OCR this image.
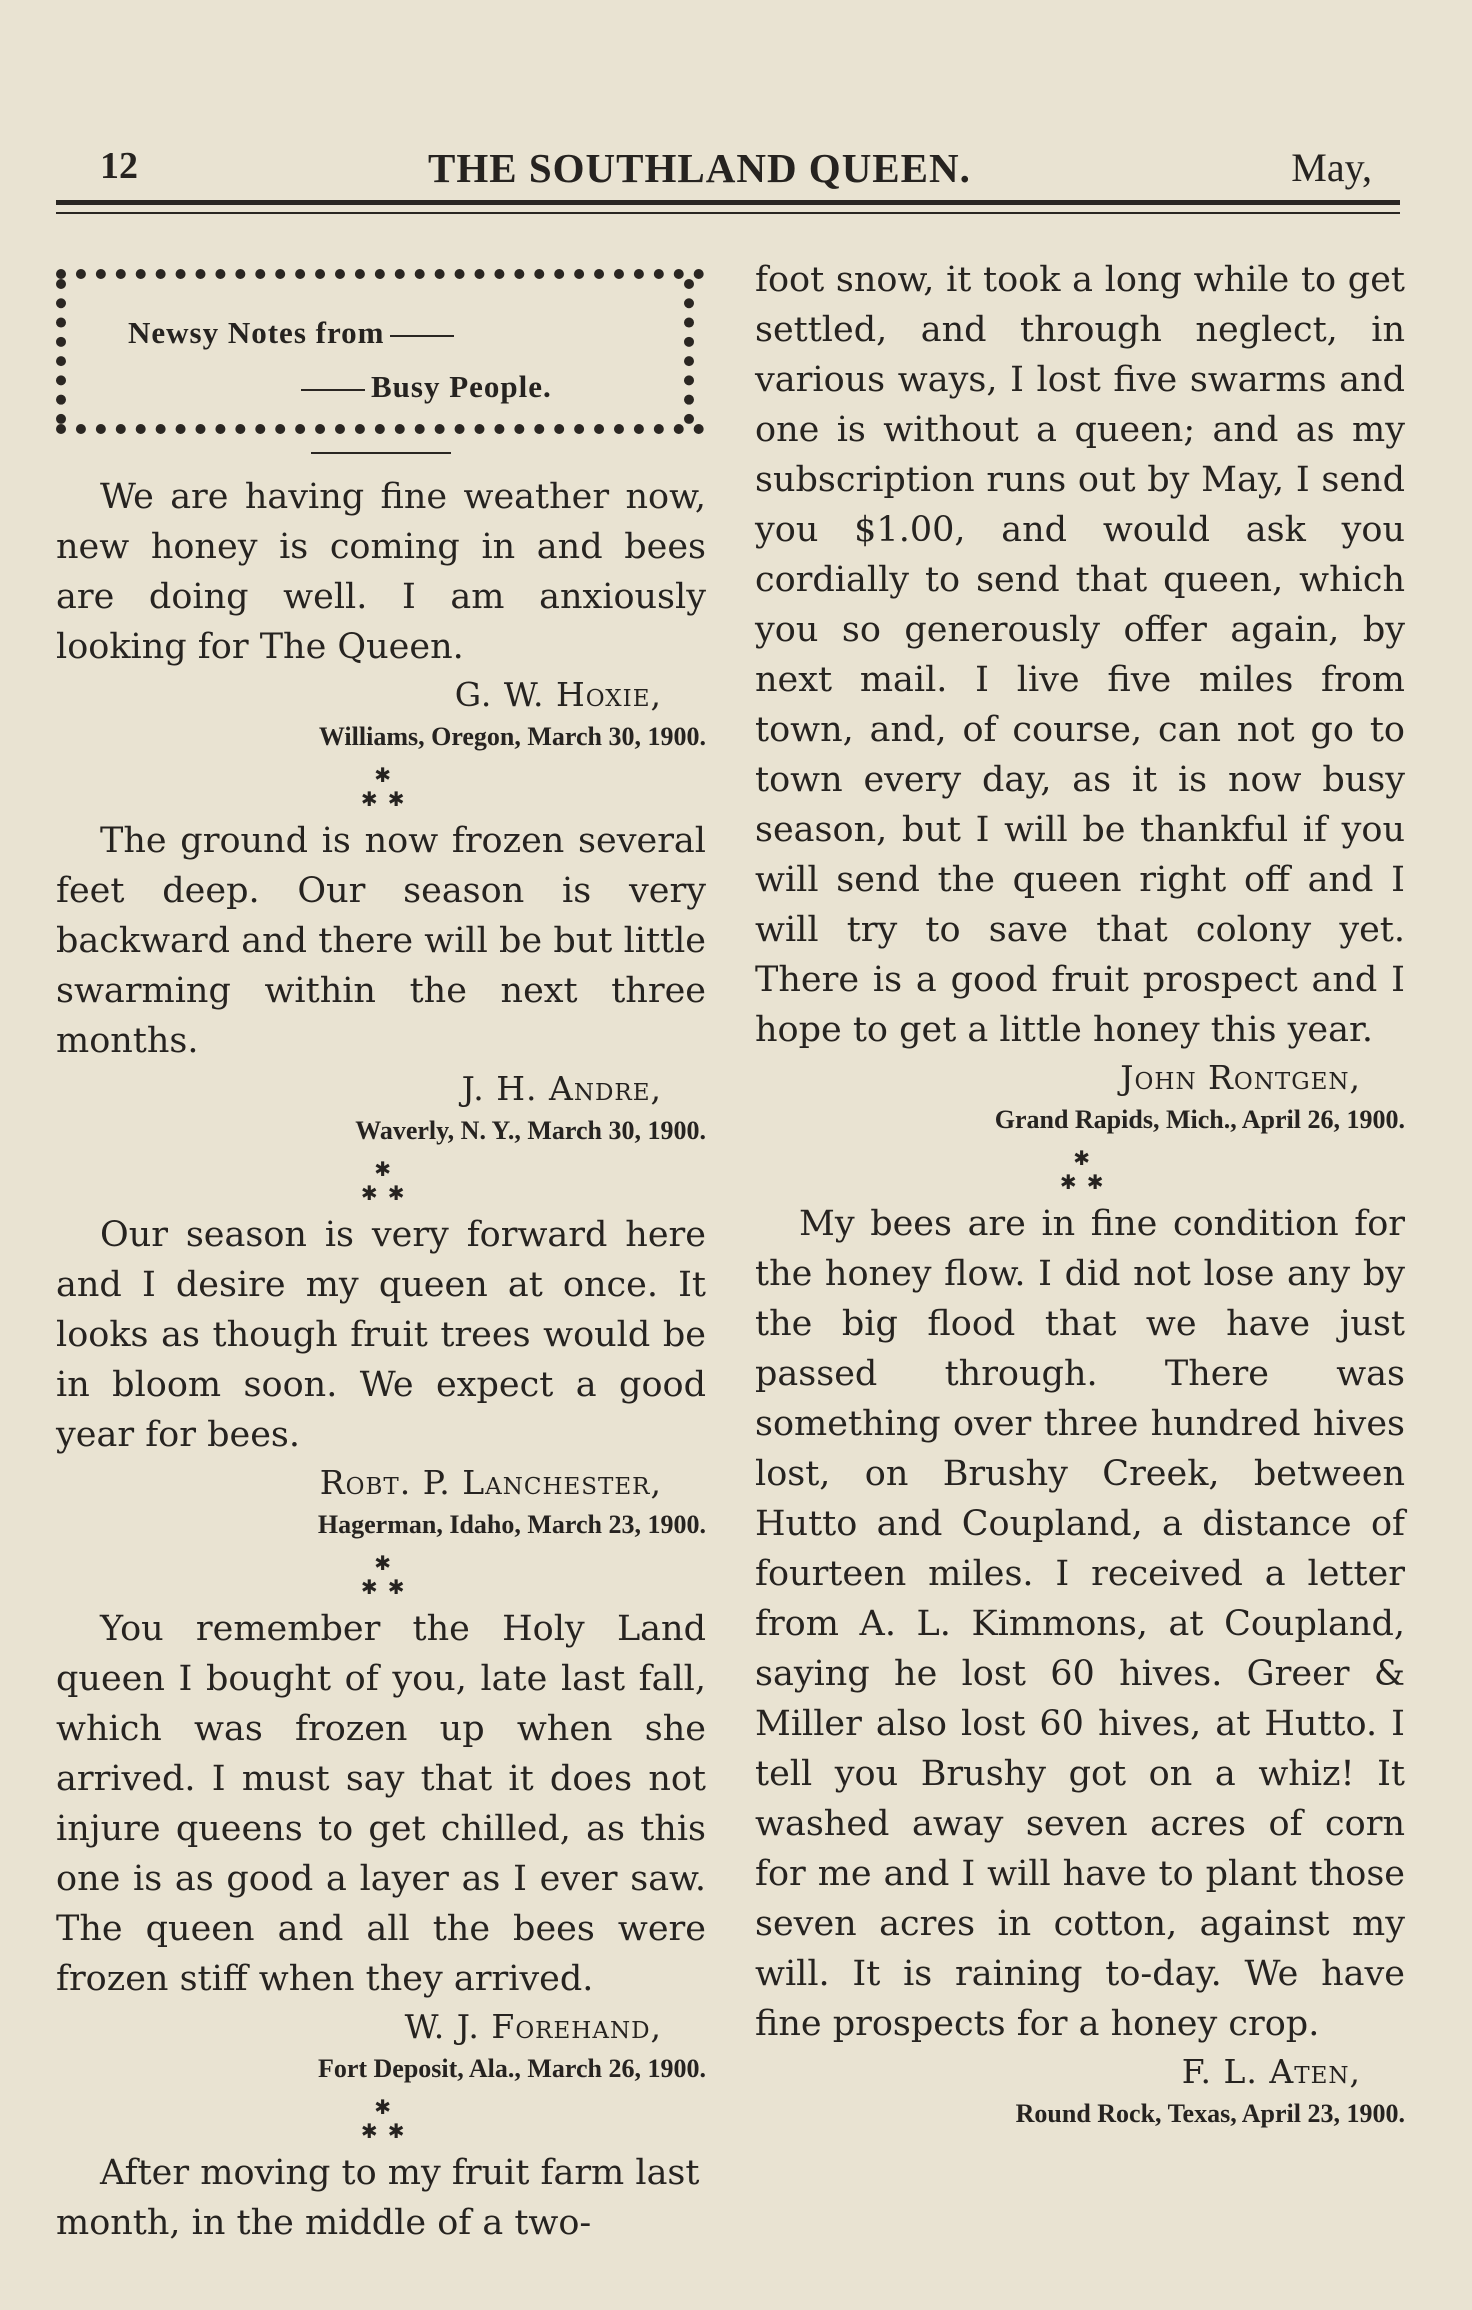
12	THE SOUTHLAND QUEEN.	May,
Newsy Notes from
Busy People.

We are having fine weather now, new honey is coming in and bees are doing well. I am anxiously looking for The Queen.

G. W. Hoxie,
Williams, Oregon, March 30, 1900.
✱
✱
✱

The ground is now frozen several feet deep. Our season is very backward and there will be but little swarming within the next three months.

J. H. Andre,
Waverly, N. Y., March 30, 1900.
✱
✱
✱

Our season is very forward here and I desire my queen at once. It looks as though fruit trees would be in bloom soon. We expect a good year for bees.

Robt. P. Lanchester,
Hagerman, Idaho, March 23, 1900.
✱
✱
✱

You remember the Holy Land queen I bought of you, late last fall, which was frozen up when she arrived. I must say that it does not injure queens to get chilled, as this one is as good a layer as I ever saw. The queen and all the bees were frozen stiff when they arrived.

W. J. Forehand,
Fort Deposit, Ala., March 26, 1900.
✱
✱
✱

After moving to my fruit farm last month, in the middle of a two-

foot snow, it took a long while to get settled, and through neglect, in various ways, I lost five swarms and one is without a queen; and as my subscription runs out by May, I send you $1.00, and would ask you cordially to send that queen, which you so generously offer again, by next mail. I live five miles from town, and, of course, can not go to town every day, as it is now busy season, but I will be thankful if you will send the queen right off and I will try to save that colony yet. There is a good fruit prospect and I hope to get a little honey this year.

John Rontgen,
Grand Rapids, Mich., April 26, 1900.
✱
✱
✱

My bees are in fine condition for the honey flow. I did not lose any by the big flood that we have just passed through. There was something over three hundred hives lost, on Brushy Creek, between Hutto and Coupland, a distance of fourteen miles. I received a letter from A. L. Kimmons, at Coupland, saying he lost 60 hives. Greer & Miller also lost 60 hives, at Hutto. I tell you Brushy got on a whiz! It washed away seven acres of corn for me and I will have to plant those seven acres in cotton, against my will. It is raining to-day. We have fine prospects for a honey crop.

F. L. Aten,
Round Rock, Texas, April 23, 1900.
